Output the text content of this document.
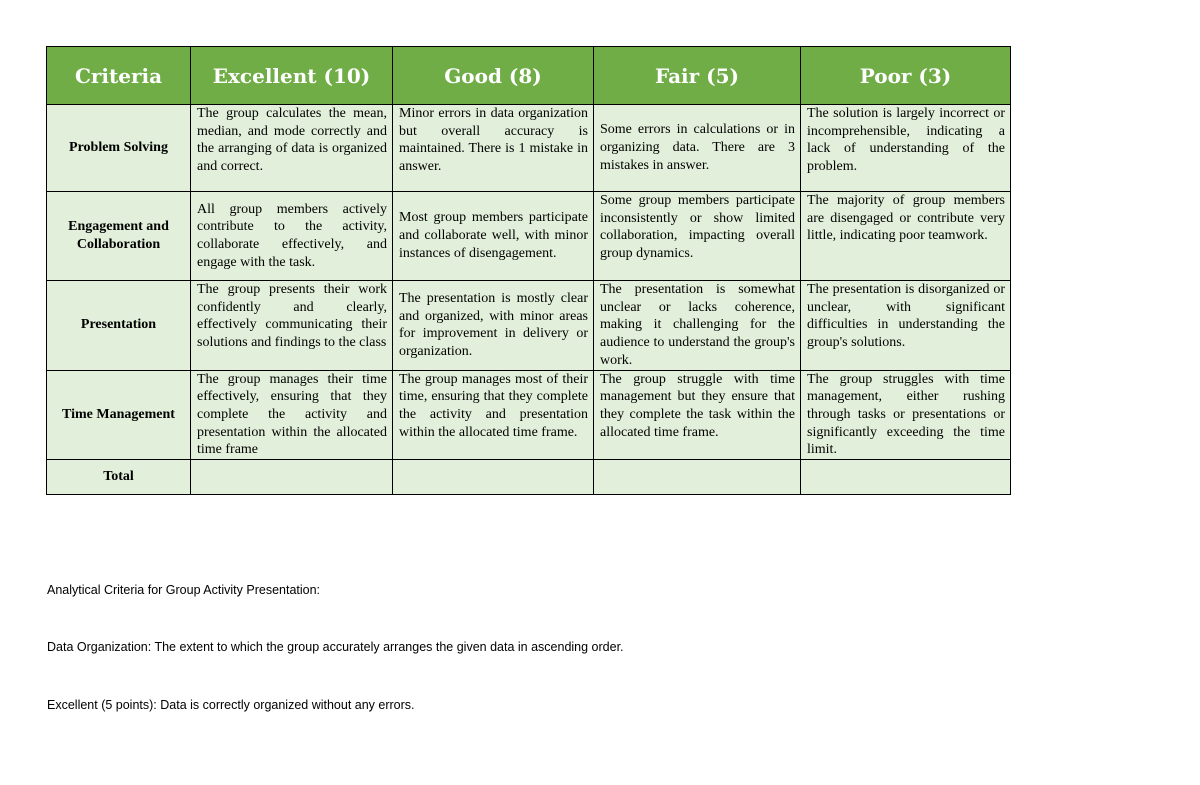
Criteria	Excellent (10)	Good (8)	Fair (5)	Poor (3)
Problem Solving	The group calculates the mean, median, and mode correctly and the arranging of data is organized and correct.	Minor errors in data organization but overall accuracy is maintained. There is 1 mistake in answer.	Some errors in calculations or in organizing data. There are 3 mistakes in answer.	The solution is largely incorrect or incomprehensible, indicating a lack of understanding of the problem.
Engagement and Collaboration	All group members actively contribute to the activity, collaborate effectively, and engage with the task.	Most group members participate and collaborate well, with minor instances of disengagement.	Some group members participate inconsistently or show limited collaboration, impacting overall group dynamics.	The majority of group members are disengaged or contribute very little, indicating poor teamwork.
Presentation	The group presents their work confidently and clearly, effectively communicating their solutions and findings to the class	The presentation is mostly clear and organized, with minor areas for improvement in delivery or organization.	The presentation is somewhat unclear or lacks coherence, making it challenging for the audience to understand the group's work.	The presentation is disorganized or unclear, with significant difficulties in understanding the group's solutions.
Time Management	The group manages their time effectively, ensuring that they complete the activity and presentation within the allocated time frame	The group manages most of their time, ensuring that they complete the activity and presentation within the allocated time frame.	The group struggle with time management but they ensure that they complete the task within the allocated time frame.	The group struggles with time management, either rushing through tasks or presentations or significantly exceeding the time limit.
Total				
Analytical Criteria for Group Activity Presentation:
Data Organization: The extent to which the group accurately arranges the given data in ascending order.
Excellent (5 points): Data is correctly organized without any errors.
